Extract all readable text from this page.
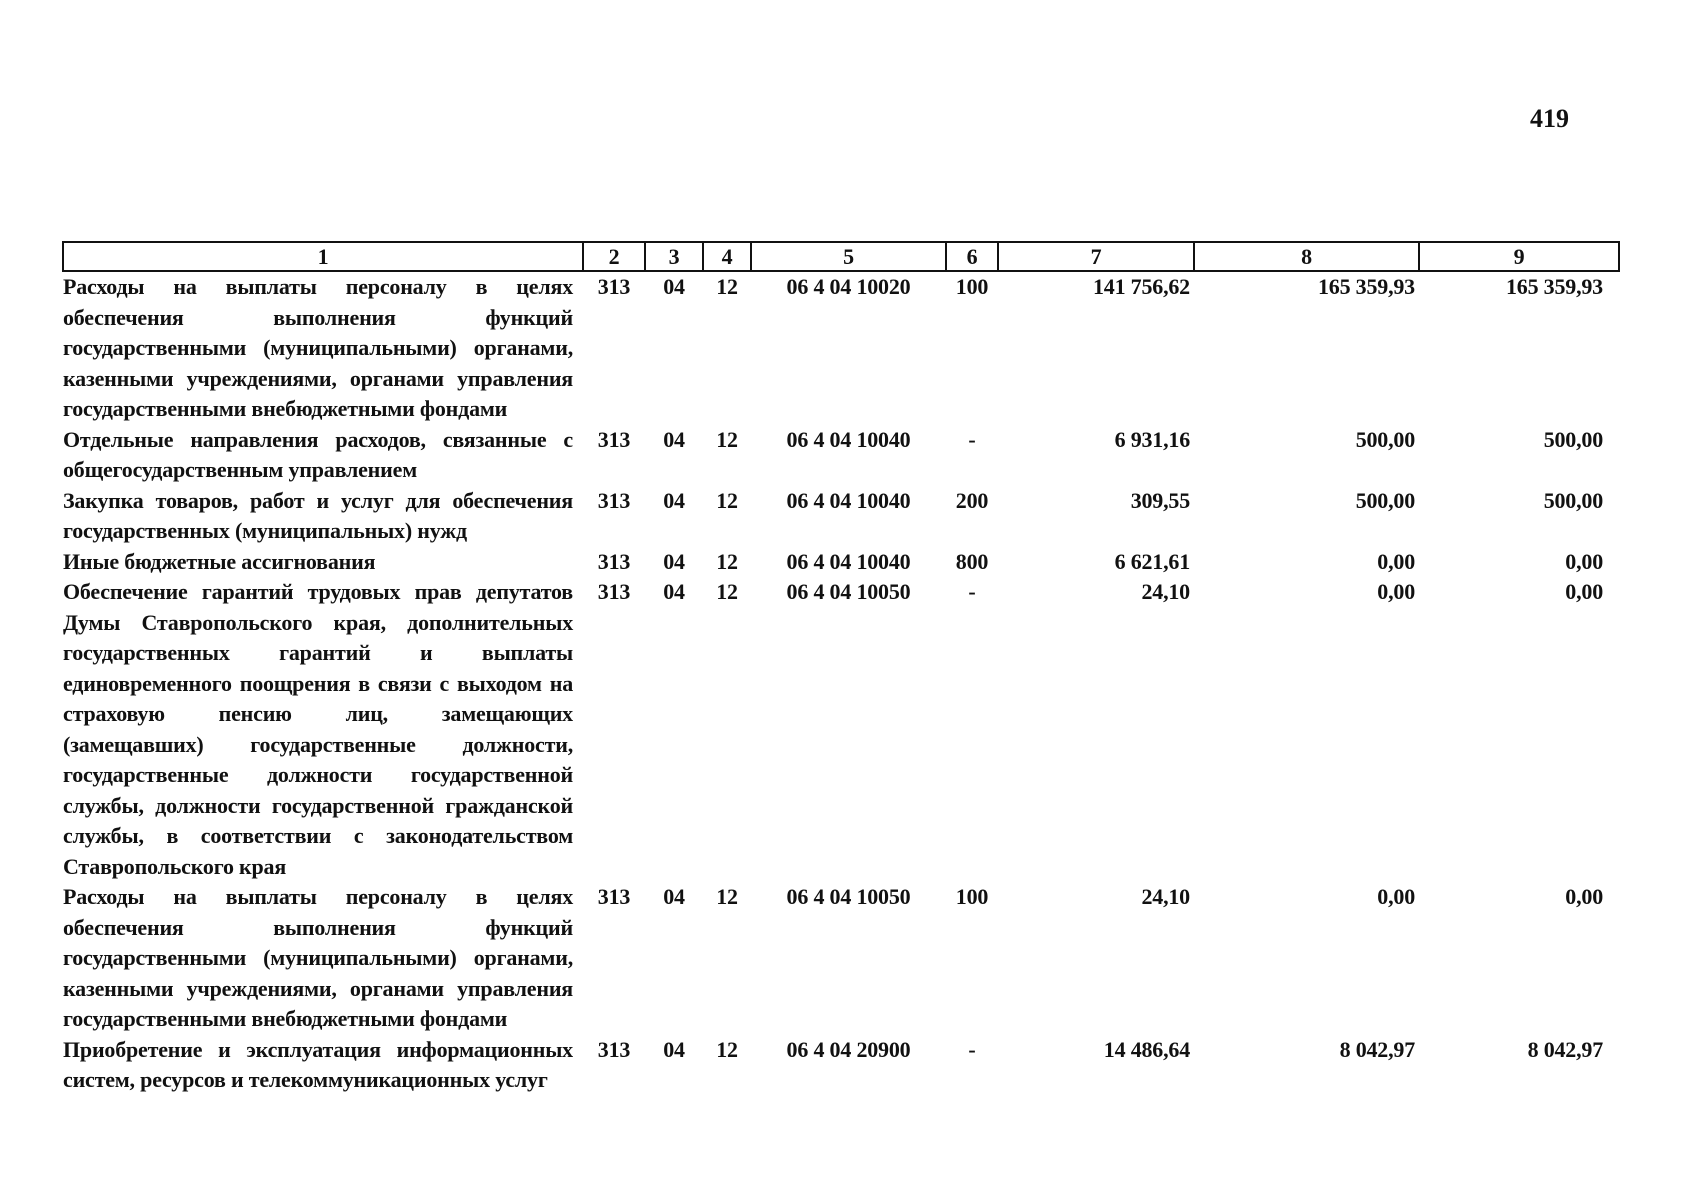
419
1	2	3	4	5	6	7	8	9
Расходы на выплаты персоналу в целях обеспечения выполнения функций государственными (муниципальными) органами, казенными учреждениями, органами управления государственными внебюджетными фондами	313	04	12	06 4 04 10020	100	141 756,62	165 359,93	165 359,93
Отдельные направления расходов, связанные с общегосударственным управлением	313	04	12	06 4 04 10040	-	6 931,16	500,00	500,00
Закупка товаров, работ и услуг для обеспечения государственных (муниципальных) нужд	313	04	12	06 4 04 10040	200	309,55	500,00	500,00
Иные бюджетные ассигнования	313	04	12	06 4 04 10040	800	6 621,61	0,00	0,00
Обеспечение гарантий трудовых прав депутатов Думы Ставропольского края, дополнительных государственных гарантий и выплаты единовременного поощрения в связи с выходом на страховую пенсию лиц, замещающих (замещавших) государственные должности, государственные должности государственной службы, должности государственной гражданской службы, в соответствии с законодательством Ставропольского края	313	04	12	06 4 04 10050	-	24,10	0,00	0,00
Расходы на выплаты персоналу в целях обеспечения выполнения функций государственными (муниципальными) органами, казенными учреждениями, органами управления государственными внебюджетными фондами	313	04	12	06 4 04 10050	100	24,10	0,00	0,00
Приобретение и эксплуатация информационных систем, ресурсов и телекоммуникационных услуг	313	04	12	06 4 04 20900	-	14 486,64	8 042,97	8 042,97
